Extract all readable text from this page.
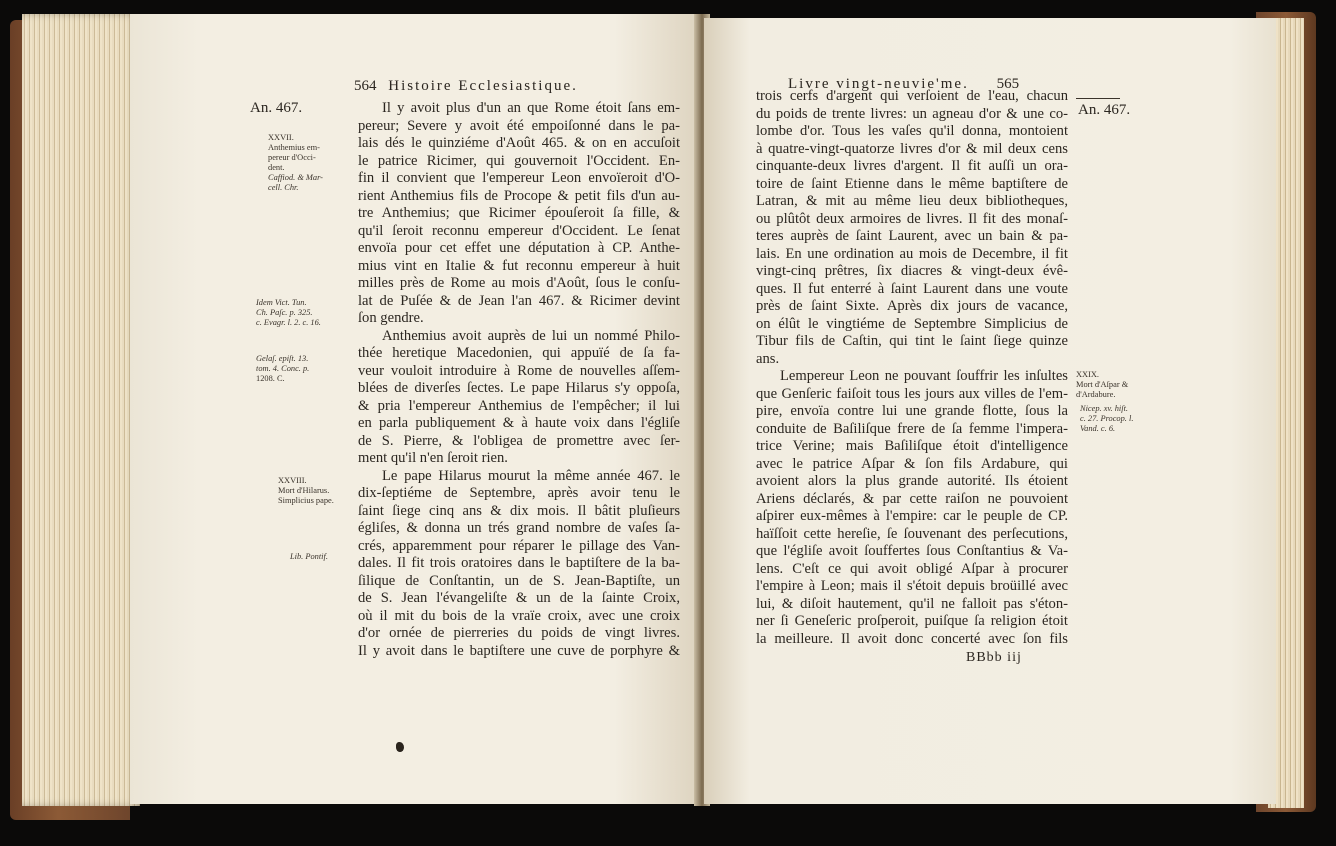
564 Histoire Ecclesiastique.
An. 467.
XXVII.
Anthemius em-
pereur d'Occi-
dent.
Caffiod. & Mar-
cell. Chr.
Idem Vict. Tun.
Ch. Paſc. p. 325.
c. Evagr. l. 2. c. 16.
Gelaſ. epiſt. 13.
tom. 4. Conc. p.
1208. C.
XXVIII.
Mort d'Hilarus.
Simplicius pape.
Lib. Pontif.
Il y avoit plus d'un an que Rome étoit ſans em-
pereur; Severe y avoit été empoiſonné dans le pa-
lais dés le quinziéme d'Août 465. & on en accuſoit
le patrice Ricimer, qui gouvernoit l'Occident. En-
fin il convient que l'empereur Leon envoïeroit d'O-
rient Anthemius fils de Procope & petit fils d'un au-
tre Anthemius; que Ricimer épouſeroit ſa fille, &
qu'il ſeroit reconnu empereur d'Occident. Le ſenat
envoïa pour cet effet une députation à CP. Anthe-
mius vint en Italie & fut reconnu empereur à huit
milles près de Rome au mois d'Août, ſous le conſu-
lat de Puſée & de Jean l'an 467. & Ricimer devint
ſon gendre.
Anthemius avoit auprès de lui un nommé Philo-
thée heretique Macedonien, qui appuïé de ſa fa-
veur vouloit introduire à Rome de nouvelles aſſem-
blées de diverſes ſectes. Le pape Hilarus s'y oppoſa,
& pria l'empereur Anthemius de l'empêcher; il lui
en parla publiquement & à haute voix dans l'égliſe
de S. Pierre, & l'obligea de promettre avec ſer-
ment qu'il n'en ſeroit rien.
Le pape Hilarus mourut la même année 467. le
dix-ſeptiéme de Septembre, après avoir tenu le
ſaint ſiege cinq ans & dix mois. Il bâtit pluſieurs
égliſes, & donna un trés grand nombre de vaſes ſa-
crés, apparemment pour réparer le pillage des Van-
dales. Il fit trois oratoires dans le baptiſtere de la ba-
ſilique de Conſtantin, un de S. Jean-Baptiſte, un
de S. Jean l'évangeliſte & un de la ſainte Croix,
où il mit du bois de la vraïe croix, avec une croix
d'or ornée de pierreries du poids de vingt livres.
Il y avoit dans le baptiſtere une cuve de porphyre &
Livre vingt-neuvie'me. 565
An. 467.
XXIX.
Mort d'Aſpar &
d'Ardabure.
Nicep. xv. hiſt.
c. 27. Procop. l.
Vand. c. 6.
trois cerfs d'argent qui verſoient de l'eau, chacun
du poids de trente livres: un agneau d'or & une co-
lombe d'or. Tous les vaſes qu'il donna, montoient
à quatre-vingt-quatorze livres d'or & mil deux cens
cinquante-deux livres d'argent. Il fit auſſi un ora-
toire de ſaint Etienne dans le même baptiſtere de
Latran, & mit au même lieu deux bibliotheques,
ou plûtôt deux armoires de livres. Il fit des monaſ-
teres auprès de ſaint Laurent, avec un bain & pa-
lais. En une ordination au mois de Decembre, il fit
vingt-cinq prêtres, ſix diacres & vingt-deux évê-
ques. Il fut enterré à ſaint Laurent dans une voute
près de ſaint Sixte. Après dix jours de vacance,
on élût le vingtiéme de Septembre Simplicius de
Tibur fils de Caſtin, qui tint le ſaint ſiege quinze
ans.
Lempereur Leon ne pouvant ſouffrir les inſultes
que Genſeric faiſoit tous les jours aux villes de l'em-
pire, envoïa contre lui une grande flotte, ſous la
conduite de Baſiliſque frere de ſa femme l'impera-
trice Verine; mais Baſiliſque étoit d'intelligence
avec le patrice Aſpar & ſon fils Ardabure, qui
avoient alors la plus grande autorité. Ils étoient
Ariens déclarés, & par cette raiſon ne pouvoient
aſpirer eux-mêmes à l'empire: car le peuple de CP.
haïſſoit cette hereſie, ſe ſouvenant des perſecutions,
que l'égliſe avoit ſouffertes ſous Conſtantius & Va-
lens. C'eſt ce qui avoit obligé Aſpar à procurer
l'empire à Leon; mais il s'étoit depuis broüillé avec
lui, & diſoit hautement, qu'il ne falloit pas s'éton-
ner ſi Geneſeric proſperoit, puiſque ſa religion étoit
la meilleure. Il avoit donc concerté avec ſon fils
BBbb iij
